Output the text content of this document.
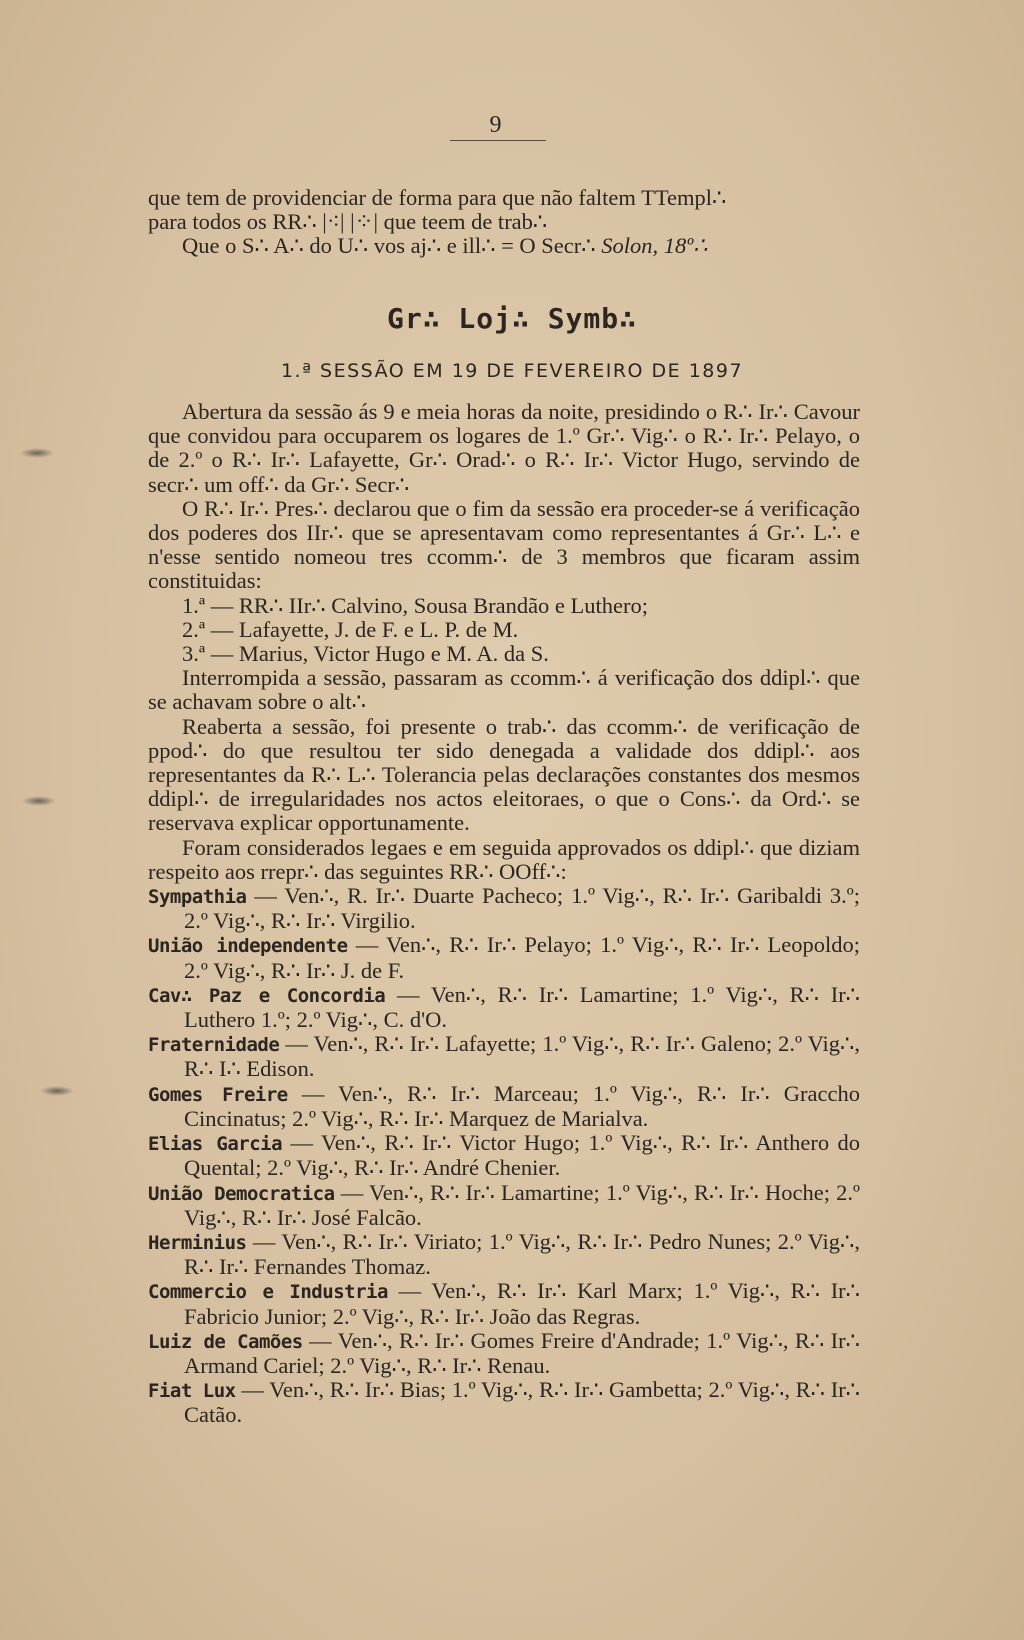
9

que tem de providenciar de forma para que não faltem TTempl∴

para todos os RR∴ |⁖| |⁘| que teem de trab∴

Que o S∴ A∴ do U∴ vos aj∴ e ill∴ = O Secr∴ Solon, 18º∴

Gr∴ Loj∴ Symb∴
1.ª SESSÃO EM 19 DE FEVEREIRO DE 1897

Abertura da sessão ás 9 e meia horas da noite, presidindo o R∴ Ir∴ Cavour que convidou para occuparem os logares de 1.º Gr∴ Vig∴ o R∴ Ir∴ Pelayo, o de 2.º o R∴ Ir∴ Lafayette, Gr∴ Orad∴ o R∴ Ir∴ Victor Hugo, servindo de secr∴ um off∴ da Gr∴ Secr∴

O R∴ Ir∴ Pres∴ declarou que o fim da sessão era proceder-se á verificação dos poderes dos IIr∴ que se apresentavam como representantes á Gr∴ L∴ e n'esse sentido nomeou tres ccomm∴ de 3 membros que ficaram assim constituidas:

1.ª — RR∴ IIr∴ Calvino, Sousa Brandão e Luthero;

2.ª — Lafayette, J. de F. e L. P. de M.

3.ª — Marius, Victor Hugo e M. A. da S.

Interrompida a sessão, passaram as ccomm∴ á verificação dos ddipl∴ que se achavam sobre o alt∴

Reaberta a sessão, foi presente o trab∴ das ccomm∴ de verificação de ppod∴ do que resultou ter sido denegada a validade dos ddipl∴ aos representantes da R∴ L∴ Tolerancia pelas declarações constantes dos mesmos ddipl∴ de irregularidades nos actos eleitoraes, o que o Cons∴ da Ord∴ se reservava explicar opportunamente.

Foram considerados legaes e em seguida approvados os ddipl∴ que diziam respeito aos rrepr∴ das seguintes RR∴ OOff∴:

Sympathia — Ven∴, R. Ir∴ Duarte Pacheco; 1.º Vig∴, R∴ Ir∴ Garibaldi 3.º; 2.º Vig∴, R∴ Ir∴ Virgilio.

União independente — Ven∴, R∴ Ir∴ Pelayo; 1.º Vig∴, R∴ Ir∴ Leopoldo; 2.º Vig∴, R∴ Ir∴ J. de F.

Cav∴ Paz e Concordia — Ven∴, R∴ Ir∴ Lamartine; 1.º Vig∴, R∴ Ir∴ Luthero 1.º; 2.º Vig∴, C. d'O.

Fraternidade — Ven∴, R∴ Ir∴ Lafayette; 1.º Vig∴, R∴ Ir∴ Galeno; 2.º Vig∴, R∴ I∴ Edison.

Gomes Freire — Ven∴, R∴ Ir∴ Marceau; 1.º Vig∴, R∴ Ir∴ Graccho Cincinatus; 2.º Vig∴, R∴ Ir∴ Marquez de Marialva.

Elias Garcia — Ven∴, R∴ Ir∴ Victor Hugo; 1.º Vig∴, R∴ Ir∴ Anthero do Quental; 2.º Vig∴, R∴ Ir∴ André Chenier.

União Democratica — Ven∴, R∴ Ir∴ Lamartine; 1.º Vig∴, R∴ Ir∴ Hoche; 2.º Vig∴, R∴ Ir∴ José Falcão.

Herminius — Ven∴, R∴ Ir∴ Viriato; 1.º Vig∴, R∴ Ir∴ Pedro Nunes; 2.º Vig∴, R∴ Ir∴ Fernandes Thomaz.

Commercio e Industria — Ven∴, R∴ Ir∴ Karl Marx; 1.º Vig∴, R∴ Ir∴ Fabricio Junior; 2.º Vig∴, R∴ Ir∴ João das Regras.

Luiz de Camões — Ven∴, R∴ Ir∴ Gomes Freire d'Andrade; 1.º Vig∴, R∴ Ir∴ Armand Cariel; 2.º Vig∴, R∴ Ir∴ Renau.

Fiat Lux — Ven∴, R∴ Ir∴ Bias; 1.º Vig∴, R∴ Ir∴ Gambetta; 2.º Vig∴, R∴ Ir∴ Catão.
